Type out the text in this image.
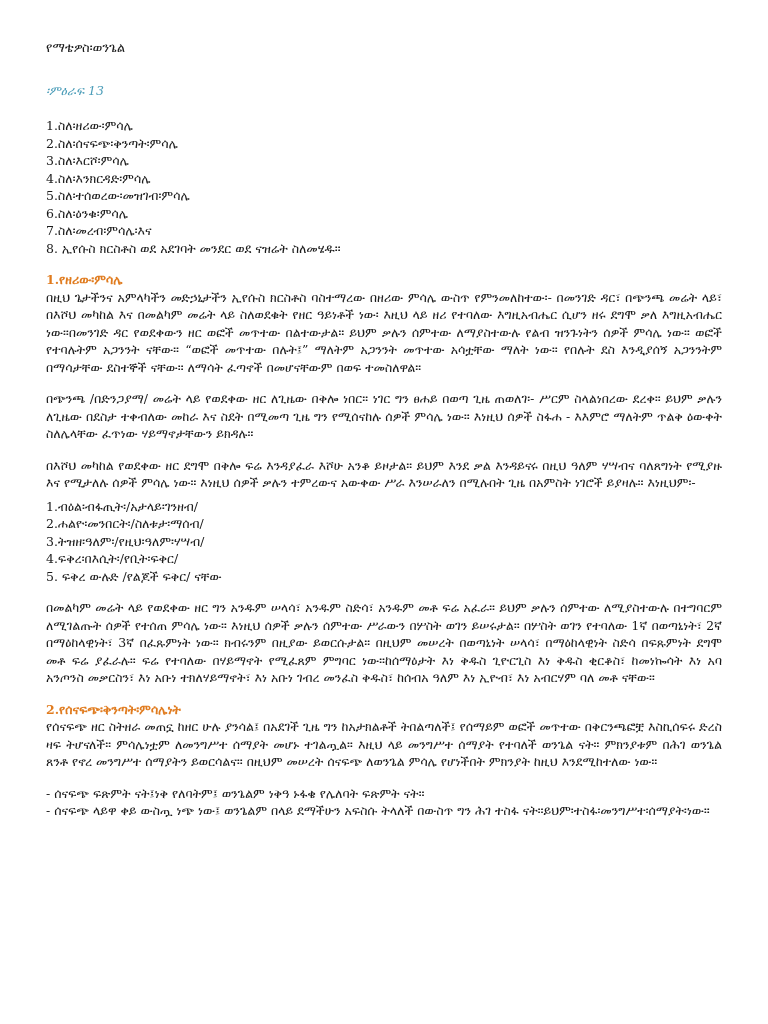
የማቴዎስ፡ወንጌል
፡ምዕራፍ 13
1.ስለ፡ዘሪው፡ምሳሌ
2.ስለ፡ሰናፍጭ፡ቅንጣት፡ምሳሌ
3.ስለ፡እርሾ፡ምሳሌ
4.ስለ፡እንክርዳድ፡ምሳሌ
5.ስለ፡ተሰወረው፡መዝገብ፡ምሳሌ
6.ስለ፡ዕንቁ፡ምሳሌ
7.ስለ፡መረብ፡ምሳሌ፡እና
8. ኢየሱስ ክርስቶስ ወደ አደገባት መንደር ወደ ናዝሬት ስለመሄዱ።
1.የዘሪው፡ምሳሌ

በዚህ ጌታችንና አምላካችን መድኃኒታችን ኢየሱስ ክርስቶስ ባስተማረው በዘሪው ምሳሌ ውስጥ የምንመለከተው፡- በመንገድ ዳር፣ በጭንጫ መሬት ላይ፣ በእሾህ መካከል እና በመልካም መሬት ላይ ስለወደቁት የዘር ዓይነቶች ነው፡ እዚህ ላይ ዘሪ የተባለው እግዚአብሔር ሲሆን ዘሩ ደግሞ ቃለ እግዚአብሔር ነው፡፡በመንገድ ዳር የወደቀውን ዘር ወፎች መጥተው በልተውታል። ይህም ቃሉን ሰምተው ለማያስተውሉ የልብ ዝንጉነትን ሰዎች ምሳሌ ነው። ወፎች የተባሉትም አጋንንት ናቸው። “ወፎች መጥተው በሉት፤” ማለትም አጋንንት መጥተው አሳቷቸው ማለት ነው። የበሉት ደስ እንዲያሰኝ አጋንንትም በማሳታቸው ደስተኞች ናቸው። ለማሳት ፈጣኖች በመሆናቸውም በወፍ ተመስለዋል።

በጭንጫ /በድንጋያማ/ መሬት ላይ የወደቀው ዘር ለጊዜው በቅሎ ነበር። ነገር ግን ፀሐይ በወጣ ጊዜ ጠወለገ፡- ሥርም ስላልነበረው ደረቀ። ይህም ቃሉን ለጊዜው በደስታ ተቀብለው መከራ እና ስደት በሚመጣ ጊዜ ግን የሚሰናከሉ ሰዎች ምሳሌ ነው። እነዚህ ሰዎች ስፋሐ - እእምሮ ማለትም ጥልቅ ዕውቀት ስለሌላቸው ፈጥነው ሃይማኖታቸውን ይክዳሉ።

በእሾህ መካከል የወደቀው ዘር ደግሞ በቅሎ ፍሬ እንዳያፈራ እሾሁ አንቆ ይዞታል። ይህም እንደ ቃል እንዳይናሩ በዚህ ዓለም ሃሣብና ባለጸግነት የሚያዙ እና የሚታለሉ ሰዎች ምሳሌ ነው። እነዚህ ሰዎች ቃሉን ተምረውና አውቀው ሥራ እንሠራለን በሚሉበት ጊዜ በአምስት ነገሮች ይያዛሉ። እነዚህም፡-

1.ብዕል፡ብፋጢት፡/አታላይ፡ገንዘብ/
2.ሐልዮ፡መንበርት፡/ስለቱታ፡ማሰብ/
3.ትዝዘ፡ዓለም፡/የዚህ፡ዓለም፡ሃሣብ/
4.ፍቅረ፡በእሲት፡/የቢት፡ፍቅር/
5. ፍቅረ ውሉድ /የልጆች ፍቅር/ ናቸው

በመልካም መሬት ላይ የወደቀው ዘር ግን አንዱም ሠላሳ፣ አንዱም ስድሳ፣ አንዱም መቶ ፍሬ አፈራ። ይህም ቃሉን ሰምተው ለሚያስተውሉ በተግባርም ለሚገልጡት ሰዎች የተሰጠ ምሳሌ ነው። እነዚህ ሰዎች ቃሉን ሰምተው ሥራውን በሦስት ወገን ይሠሩታል። በሦስት ወገን የተባለው 1ኛ በወጣኒነት፣ 2ኛ በማዕከላዊነት፣ 3ኛ በፈጹምነት ነው። ክብሩንም በዚያው ይወርሱታል። በዚህም መሠረት በወጣኒነት ሠላሳ፣ በማዕከላዊነት ስድሳ በፍጹምነት ደግሞ መቶ ፍሬ ያፈራሉ። ፍሬ የተባለው በሃይማኖት የሚፈጸም ምግባር ነው።ከሰማዕታት እነ ቅዱስ ጊዮርጊስ እነ ቅዱስ ቂርቆስ፣ ከመነኰሳት እነ አባ አንጦንስ መቃርስን፣ እነ አቡነ ተክለሃይማኖት፣ እነ አቡነ ገብረ መንፈስ ቅዱስ፣ ከሰብአ ዓለም እነ ኢዮብ፣ እነ አብርሃም ባለ መቶ ናቸው።

2.የሰናፍጭ፡ቅንጣት፡ምሳሌነት

የሰናፍጭ ዘር ስትዘራ መጠኗ ከዘር ሁሉ ያንሳል፤ በአደገች ጊዜ ግን ከአታክልቶች ትበልጣለች፤ የሰማይም ወፎች መጥተው በቅርንጫፎቿ እስኪሰፍሩ ድረስ ዛፍ ትሆናለች። ምሳሌነቷም ለመንግሥተ ሰማያት መሆኑ ተገልጧል። እዚህ ላይ መንግሥተ ሰማያት የተባለች ወንጌል ናት። ምክንያቱም በሕገ ወንጌል ጸንቶ የኖረ መንግሥተ ሰማያትን ይወርሳልና። በዚህም መሠረት ሰናፍጭ ለወንጌል ምሳሌ የሆነችበት ምክንያት ከዚህ እንደሚከተለው ነው።

- ሰናፍጭ ፍጽምት ናት፤ነቅ የለባትም፤ ወንጌልም ነቅዓ ኑፋቄ የሌለባት ፍጽምት ናት።

- ሰናፍጭ ላይዋ ቀይ ውስጧ ነጭ ነው፤ ወንጌልም በላይ ደማችሁን አፍስሱ ትላለች በውስጥ ግን ሕገ ተስፋ ናት።ይህም፡ተስፋ፡መንግሥተ፡ሰማያት፡ነው።
